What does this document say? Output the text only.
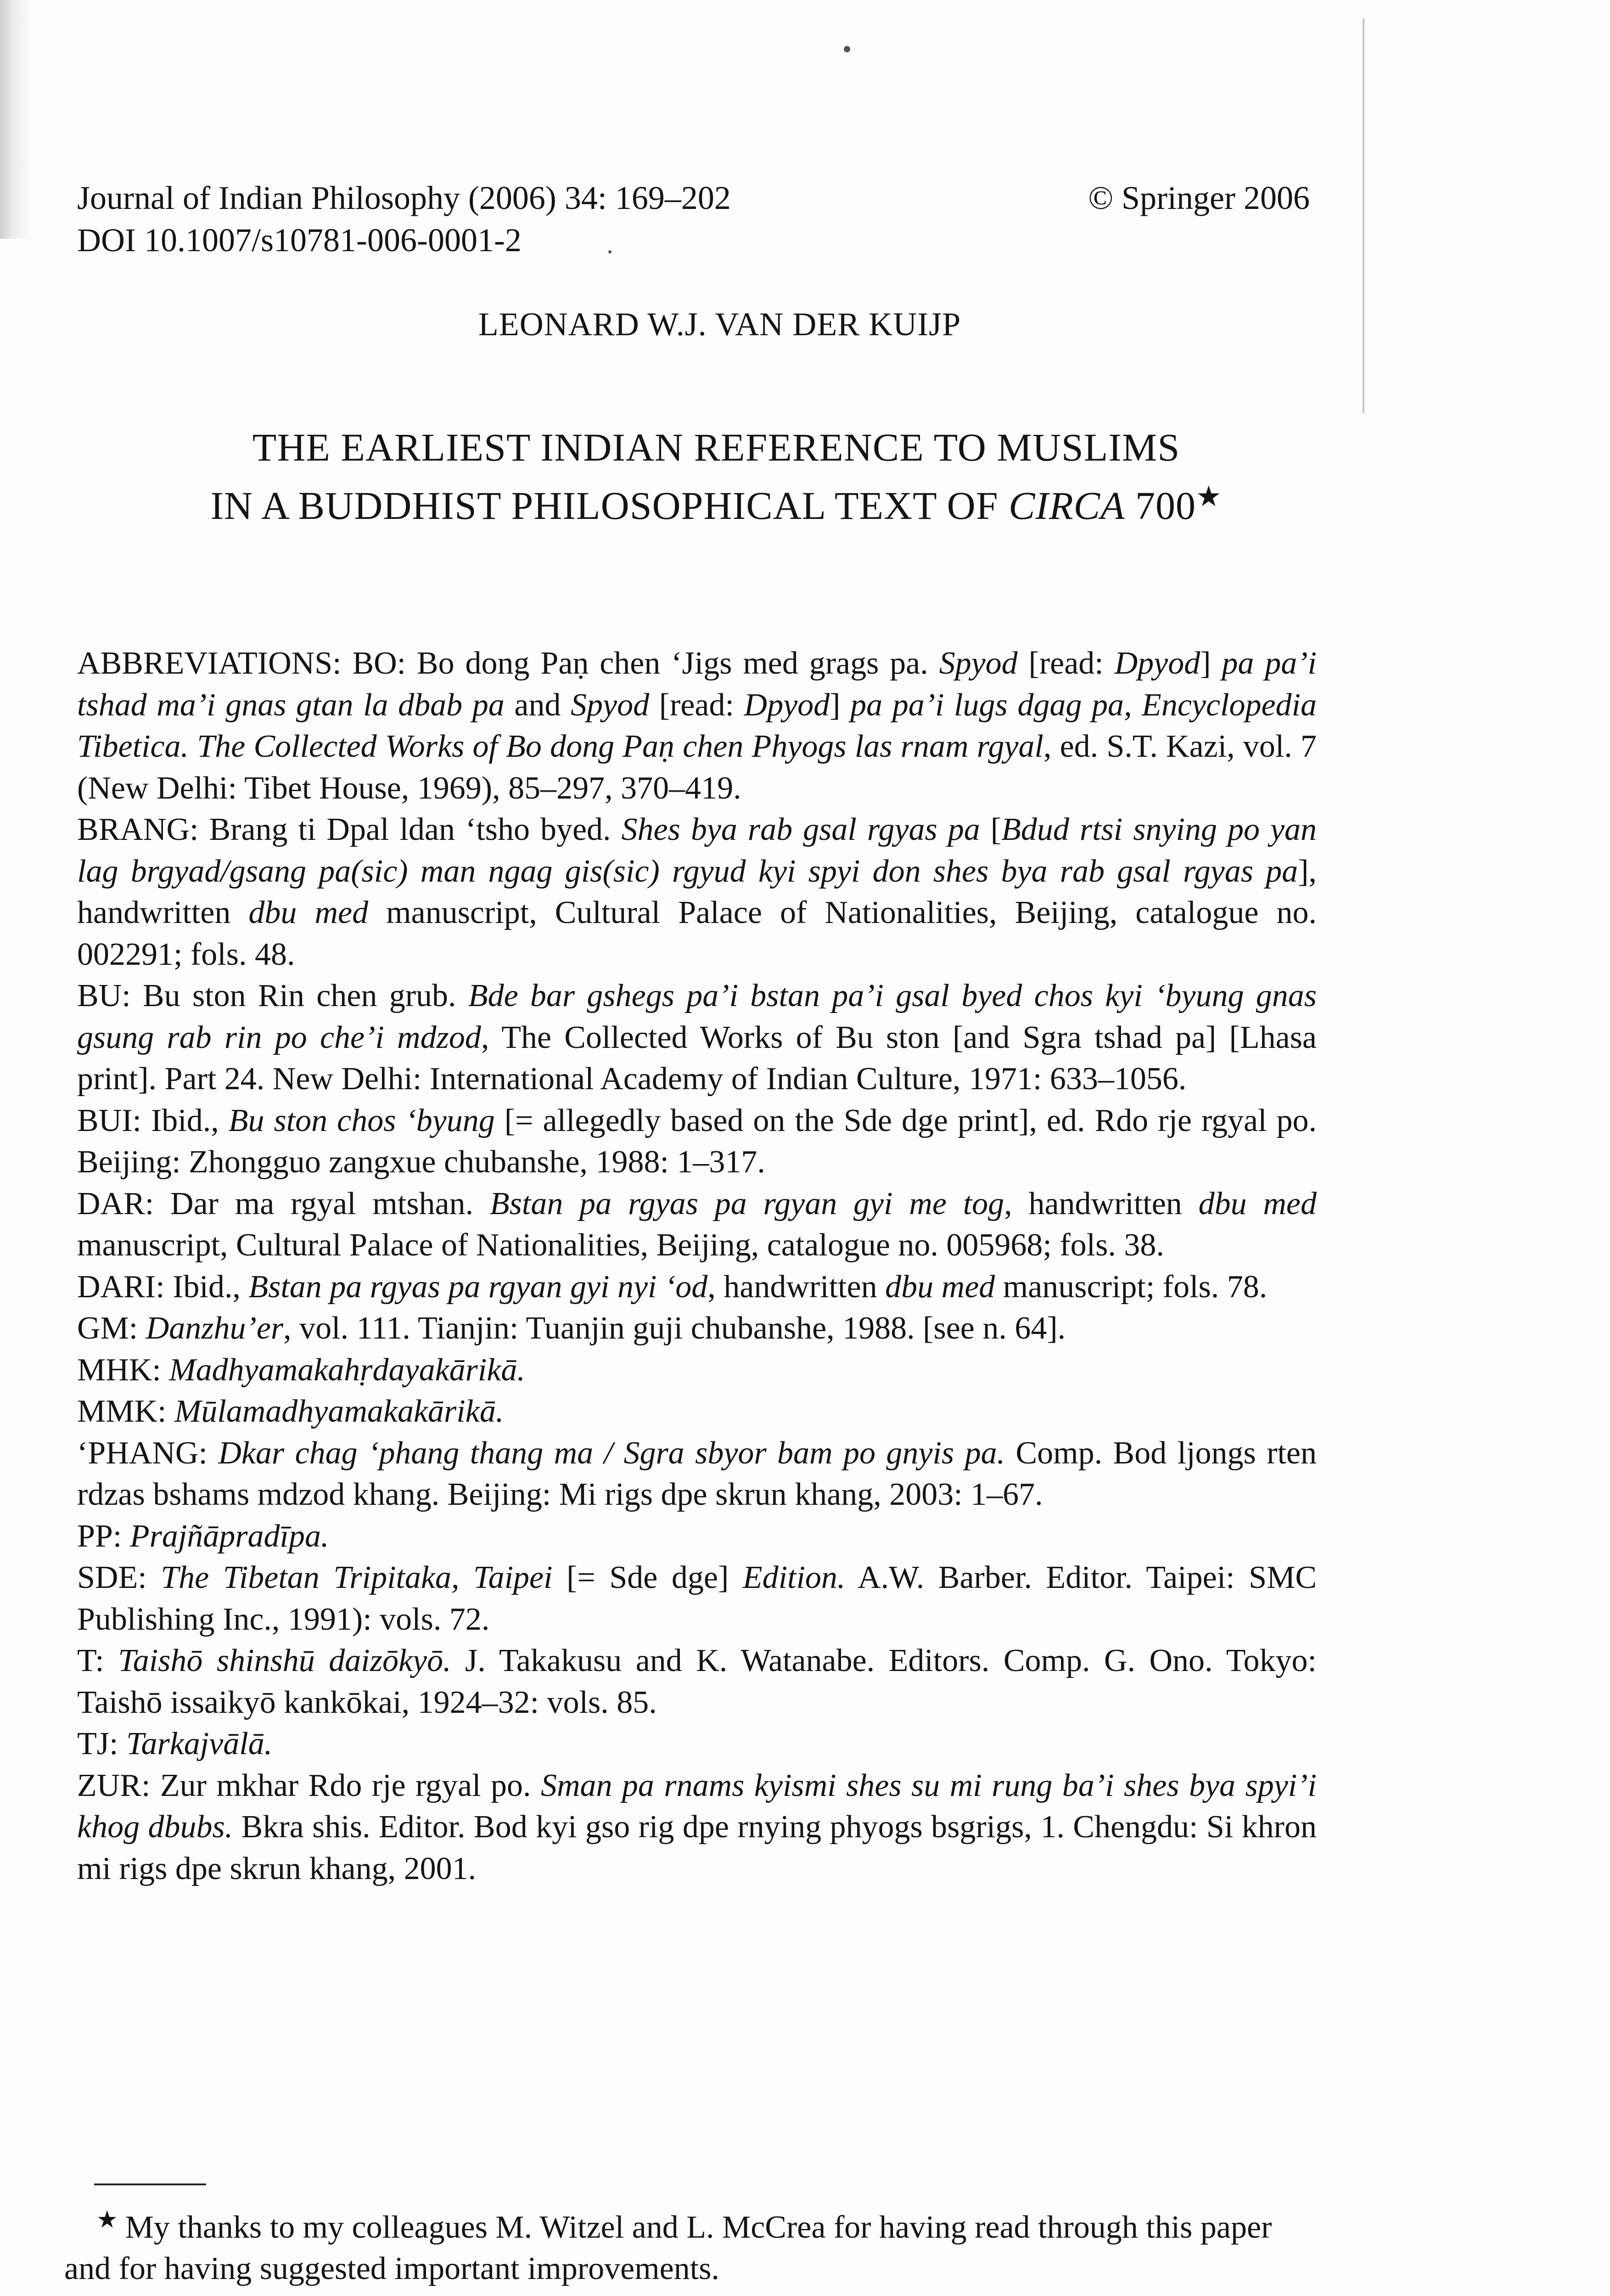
Journal of Indian Philosophy (2006) 34: 169–202
DOI 10.1007/s10781-006-0001-2
© Springer 2006
LEONARD W.J. VAN DER KUIJP
THE EARLIEST INDIAN REFERENCE TO MUSLIMS
IN A BUDDHIST PHILOSOPHICAL TEXT OF CIRCA 700★

ABBREVIATIONS: BO: Bo dong Paṇ chen ‘Jigs med grags pa. Spyod [read: Dpyod] pa pa’i tshad ma’i gnas gtan la dbab pa and Spyod [read: Dpyod] pa pa’i lugs dgag pa, Encyclopedia Tibetica. The Collected Works of Bo dong Paṇ chen Phyogs las rnam rgyal, ed. S.T. Kazi, vol. 7 (New Delhi: Tibet House, 1969), 85–297, 370–419.

BRANG: Brang ti Dpal ldan ‘tsho byed. Shes bya rab gsal rgyas pa [Bdud rtsi snying po yan lag brgyad/gsang pa(sic) man ngag gis(sic) rgyud kyi spyi don shes bya rab gsal rgyas pa], handwritten dbu med manuscript, Cultural Palace of Nationalities, Beijing, catalogue no. 002291; fols. 48.

BU: Bu ston Rin chen grub. Bde bar gshegs pa’i bstan pa’i gsal byed chos kyi ‘byung gnas gsung rab rin po che’i mdzod, The Collected Works of Bu ston [and Sgra tshad pa] [Lhasa print]. Part 24. New Delhi: International Academy of Indian Culture, 1971: 633–1056.

BUI: Ibid., Bu ston chos ‘byung [= allegedly based on the Sde dge print], ed. Rdo rje rgyal po. Beijing: Zhongguo zangxue chubanshe, 1988: 1–317.

DAR: Dar ma rgyal mtshan. Bstan pa rgyas pa rgyan gyi me tog, handwritten dbu med manuscript, Cultural Palace of Nationalities, Beijing, catalogue no. 005968; fols. 38.

DARI: Ibid., Bstan pa rgyas pa rgyan gyi nyi ‘od, handwritten dbu med manuscript; fols. 78.

GM: Danzhu’er, vol. 111. Tianjin: Tuanjin guji chubanshe, 1988. [see n. 64].

MHK: Madhyamakahṛdayakārikā.

MMK: Mūlamadhyamakakārikā.

‘PHANG: Dkar chag ‘phang thang ma / Sgra sbyor bam po gnyis pa. Comp. Bod ljongs rten rdzas bshams mdzod khang. Beijing: Mi rigs dpe skrun khang, 2003: 1–67.

PP: Prajñāpradīpa.

SDE: The Tibetan Tripitaka, Taipei [= Sde dge] Edition. A.W. Barber. Editor. Taipei: SMC Publishing Inc., 1991): vols. 72.

T: Taishō shinshū daizōkyō. J. Takakusu and K. Watanabe. Editors. Comp. G. Ono. Tokyo: Taishō issaikyō kankōkai, 1924–32: vols. 85.

TJ: Tarkajvālā.

ZUR: Zur mkhar Rdo rje rgyal po. Sman pa rnams kyismi shes su mi rung ba’i shes bya spyi’i khog dbubs. Bkra shis. Editor. Bod kyi gso rig dpe rnying phyogs bsgrigs, 1. Chengdu: Si khron mi rigs dpe skrun khang, 2001.

★ My thanks to my colleagues M. Witzel and L. McCrea for having read through this paper and for having suggested important improvements.
